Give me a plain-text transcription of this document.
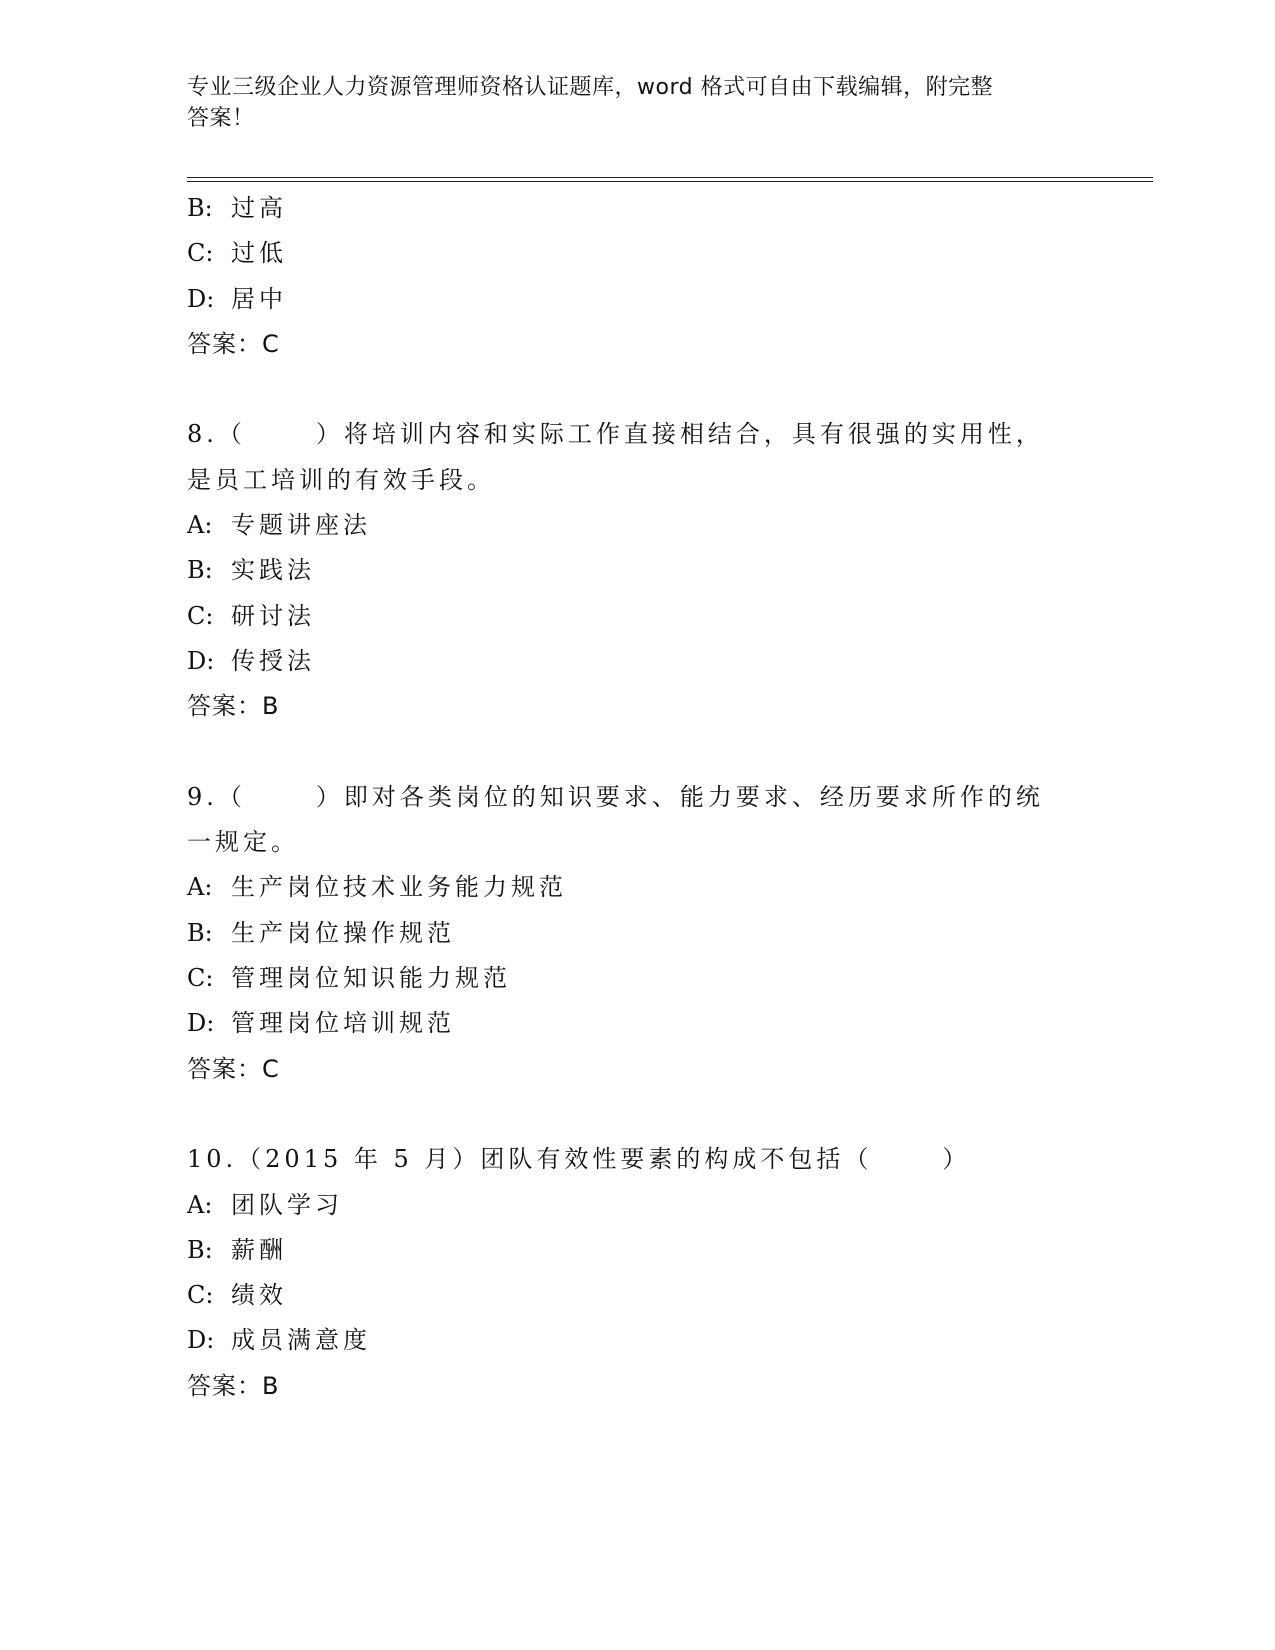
专业三级企业人力资源管理师资格认证题库，word 格式可自由下载编辑，附完整
答案！
B: 过高
C: 过低
D: 居中
答案：C
8.（	）将培训内容和实际工作直接相结合，具有很强的实用性，
是员工培训的有效手段。
A: 专题讲座法
B: 实践法
C: 研讨法
D: 传授法
答案：B
9.（	）即对各类岗位的知识要求、能力要求、经历要求所作的统
一规定。
A: 生产岗位技术业务能力规范
B: 生产岗位操作规范
C: 管理岗位知识能力规范
D: 管理岗位培训规范
答案：C
10.（2015 年 5 月）团队有效性要素的构成不包括（	）
A: 团队学习
B: 薪酬
C: 绩效
D: 成员满意度
答案：B
